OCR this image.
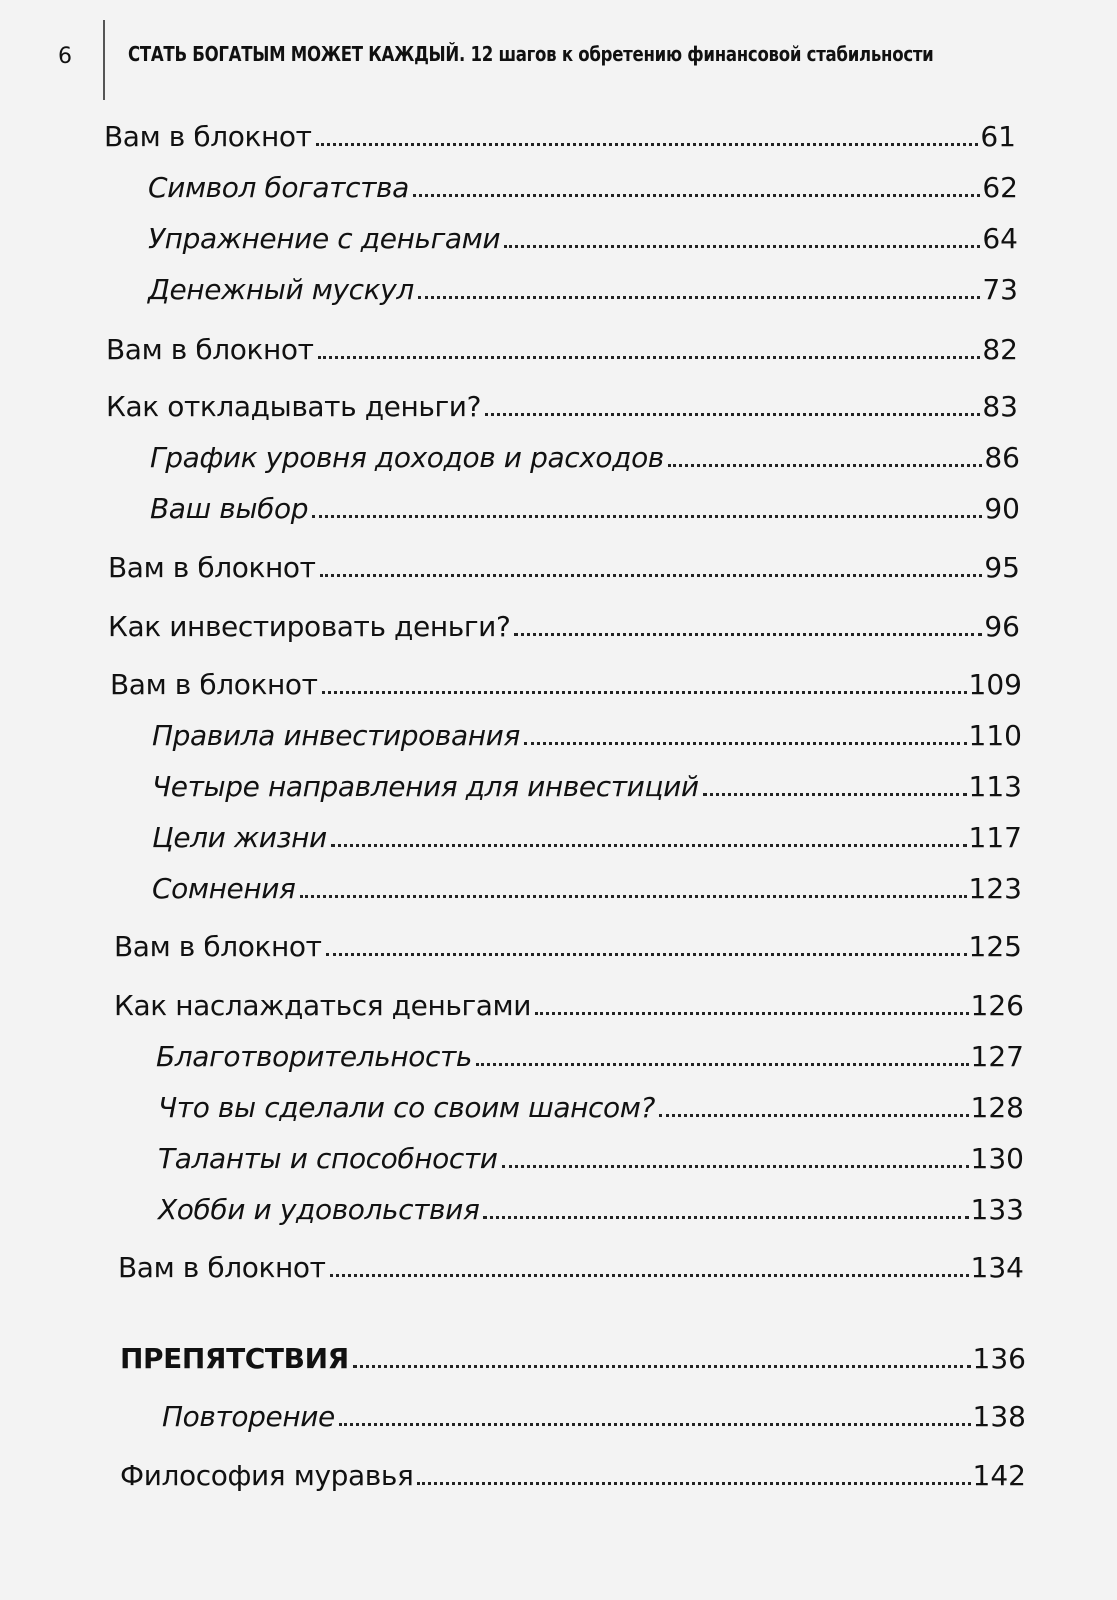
6	СТАТЬ БОГАТЫМ МОЖЕТ КАЖДЫЙ. 12 шагов к обретению финансовой стабильности
Вам в блокнот	61
Символ богатства	62
Упражнение с деньгами	64
Денежный мускул	73
Вам в блокнот	82
Как откладывать деньги?	83
График уровня доходов и расходов	86
Ваш выбор	90
Вам в блокнот	95
Как инвестировать деньги?	96
Вам в блокнот	109
Правила инвестирования	110
Четыре направления для инвестиций	113
Цели жизни	117
Сомнения	123
Вам в блокнот	125
Как наслаждаться деньгами	126
Благотворительность	127
Что вы сделали со своим шансом?	128
Таланты и способности	130
Хобби и удовольствия	133
Вам в блокнот	134
ПРЕПЯТСТВИЯ	136
Повторение	138
Философия муравья	142
